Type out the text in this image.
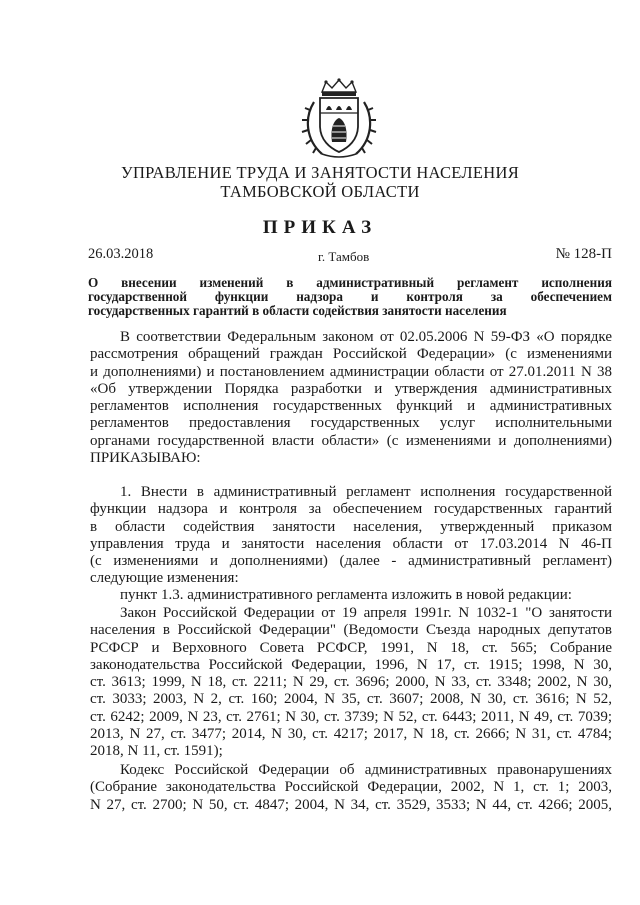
УПРАВЛЕНИЕ ТРУДА И ЗАНЯТОСТИ НАСЕЛЕНИЯ
ТАМБОВСКОЙ ОБЛАСТИ
ПРИКАЗ
26.03.2018	г. Тамбов	№ 128-П
О внесении изменений в административный регламент исполнения
государственной функции надзора и контроля за обеспечением
государственных гарантий в области содействия занятости населения
В соответствии Федеральным законом от 02.05.2006 N 59-ФЗ «О порядке
рассмотрения обращений граждан Российской Федерации» (с изменениями
и дополнениями) и постановлением администрации области от 27.01.2011 N 38
«Об утверждении Порядка разработки и утверждения административных
регламентов исполнения государственных функций и административных
регламентов предоставления государственных услуг исполнительными
органами государственной власти области» (с изменениями и дополнениями)
ПРИКАЗЫВАЮ:
1. Внести в административный регламент исполнения государственной
функции надзора и контроля за обеспечением государственных гарантий
в области содействия занятости населения, утвержденный приказом
управления труда и занятости населения области от 17.03.2014 N 46-П
(с изменениями и дополнениями) (далее - административный регламент)
следующие изменения:
пункт 1.3. административного регламента изложить в новой редакции:
Закон Российской Федерации от 19 апреля 1991г. N 1032-1 "О занятости
населения в Российской Федерации" (Ведомости Съезда народных депутатов
РСФСР и Верховного Совета РСФСР, 1991, N 18, ст. 565; Собрание
законодательства Российской Федерации, 1996, N 17, ст. 1915; 1998, N 30,
ст. 3613; 1999, N 18, ст. 2211; N 29, ст. 3696; 2000, N 33, ст. 3348; 2002, N 30,
ст. 3033; 2003, N 2, ст. 160; 2004, N 35, ст. 3607; 2008, N 30, ст. 3616; N 52,
ст. 6242; 2009, N 23, ст. 2761; N 30, ст. 3739; N 52, ст. 6443; 2011, N 49, ст. 7039;
2013, N 27, ст. 3477; 2014, N 30, ст. 4217; 2017, N 18, ст. 2666; N 31, ст. 4784;
2018, N 11, ст. 1591);
Кодекс Российской Федерации об административных правонарушениях
(Собрание законодательства Российской Федерации, 2002, N 1, ст. 1; 2003,
N 27, ст. 2700; N 50, ст. 4847; 2004, N 34, ст. 3529, 3533; N 44, ст. 4266; 2005,
